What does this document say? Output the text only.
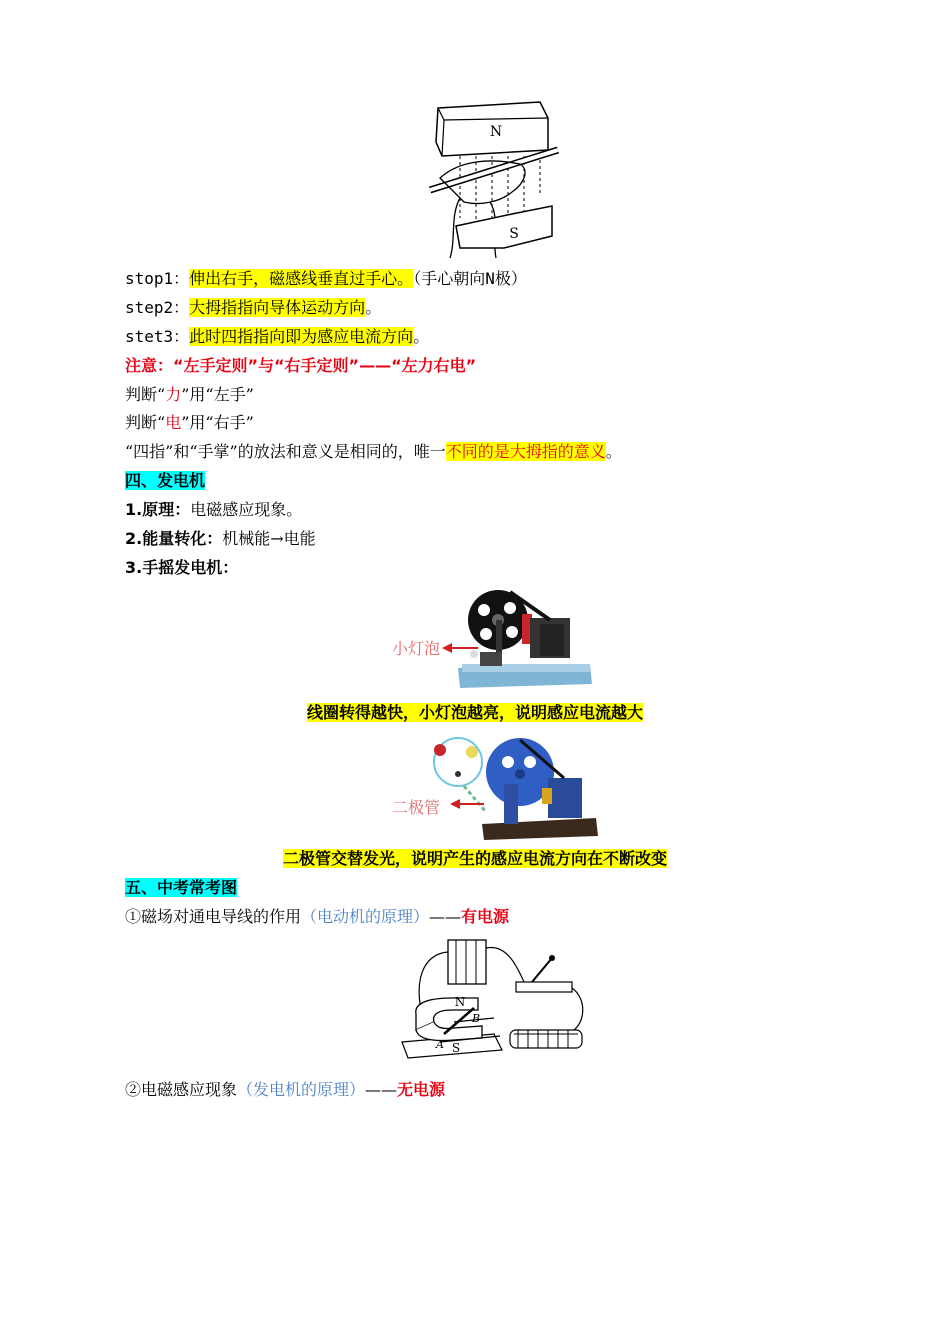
N
S
stop1：伸出右手，磁感线垂直过手心。（手心朝向N极）
step2：大拇指指向导体运动方向。
stet3：此时四指指向即为感应电流方向。
注意：“左手定则”与“右手定则”——“左力右电”
判断“力”用“左手”
判断“电”用“右手”
“四指”和“手掌”的放法和意义是相同的，唯一不同的是大拇指的意义。
四、发电机
1.原理：电磁感应现象。
2.能量转化：机械能→电能
3.手摇发电机：
小灯泡
线圈转得越快，小灯泡越亮，说明感应电流越大
二极管
二极管交替发光，说明产生的感应电流方向在不断改变
五、中考常考图
①磁场对通电导线的作用（电动机的原理）——有电源
N
S
A
B
②电磁感应现象（发电机的原理）——无电源
